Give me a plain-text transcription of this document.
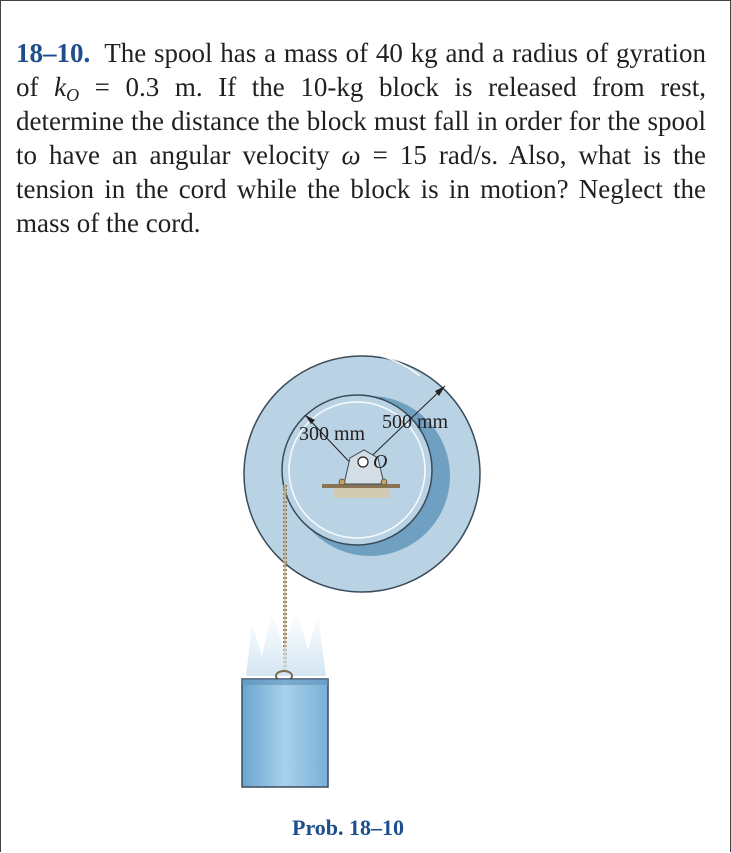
18–10. The spool has a mass of 40 kg and a radius of gyration of $k_O = 0.3$ m. If the 10-kg block is released from rest, determine the distance the block must fall in order for the spool to have an angular velocity ω = 15 rad/s. Also, what is the tension in the cord while the block is in motion? Neglect the mass of the cord.
300 mm
500 mm
O
Prob. 18–10
